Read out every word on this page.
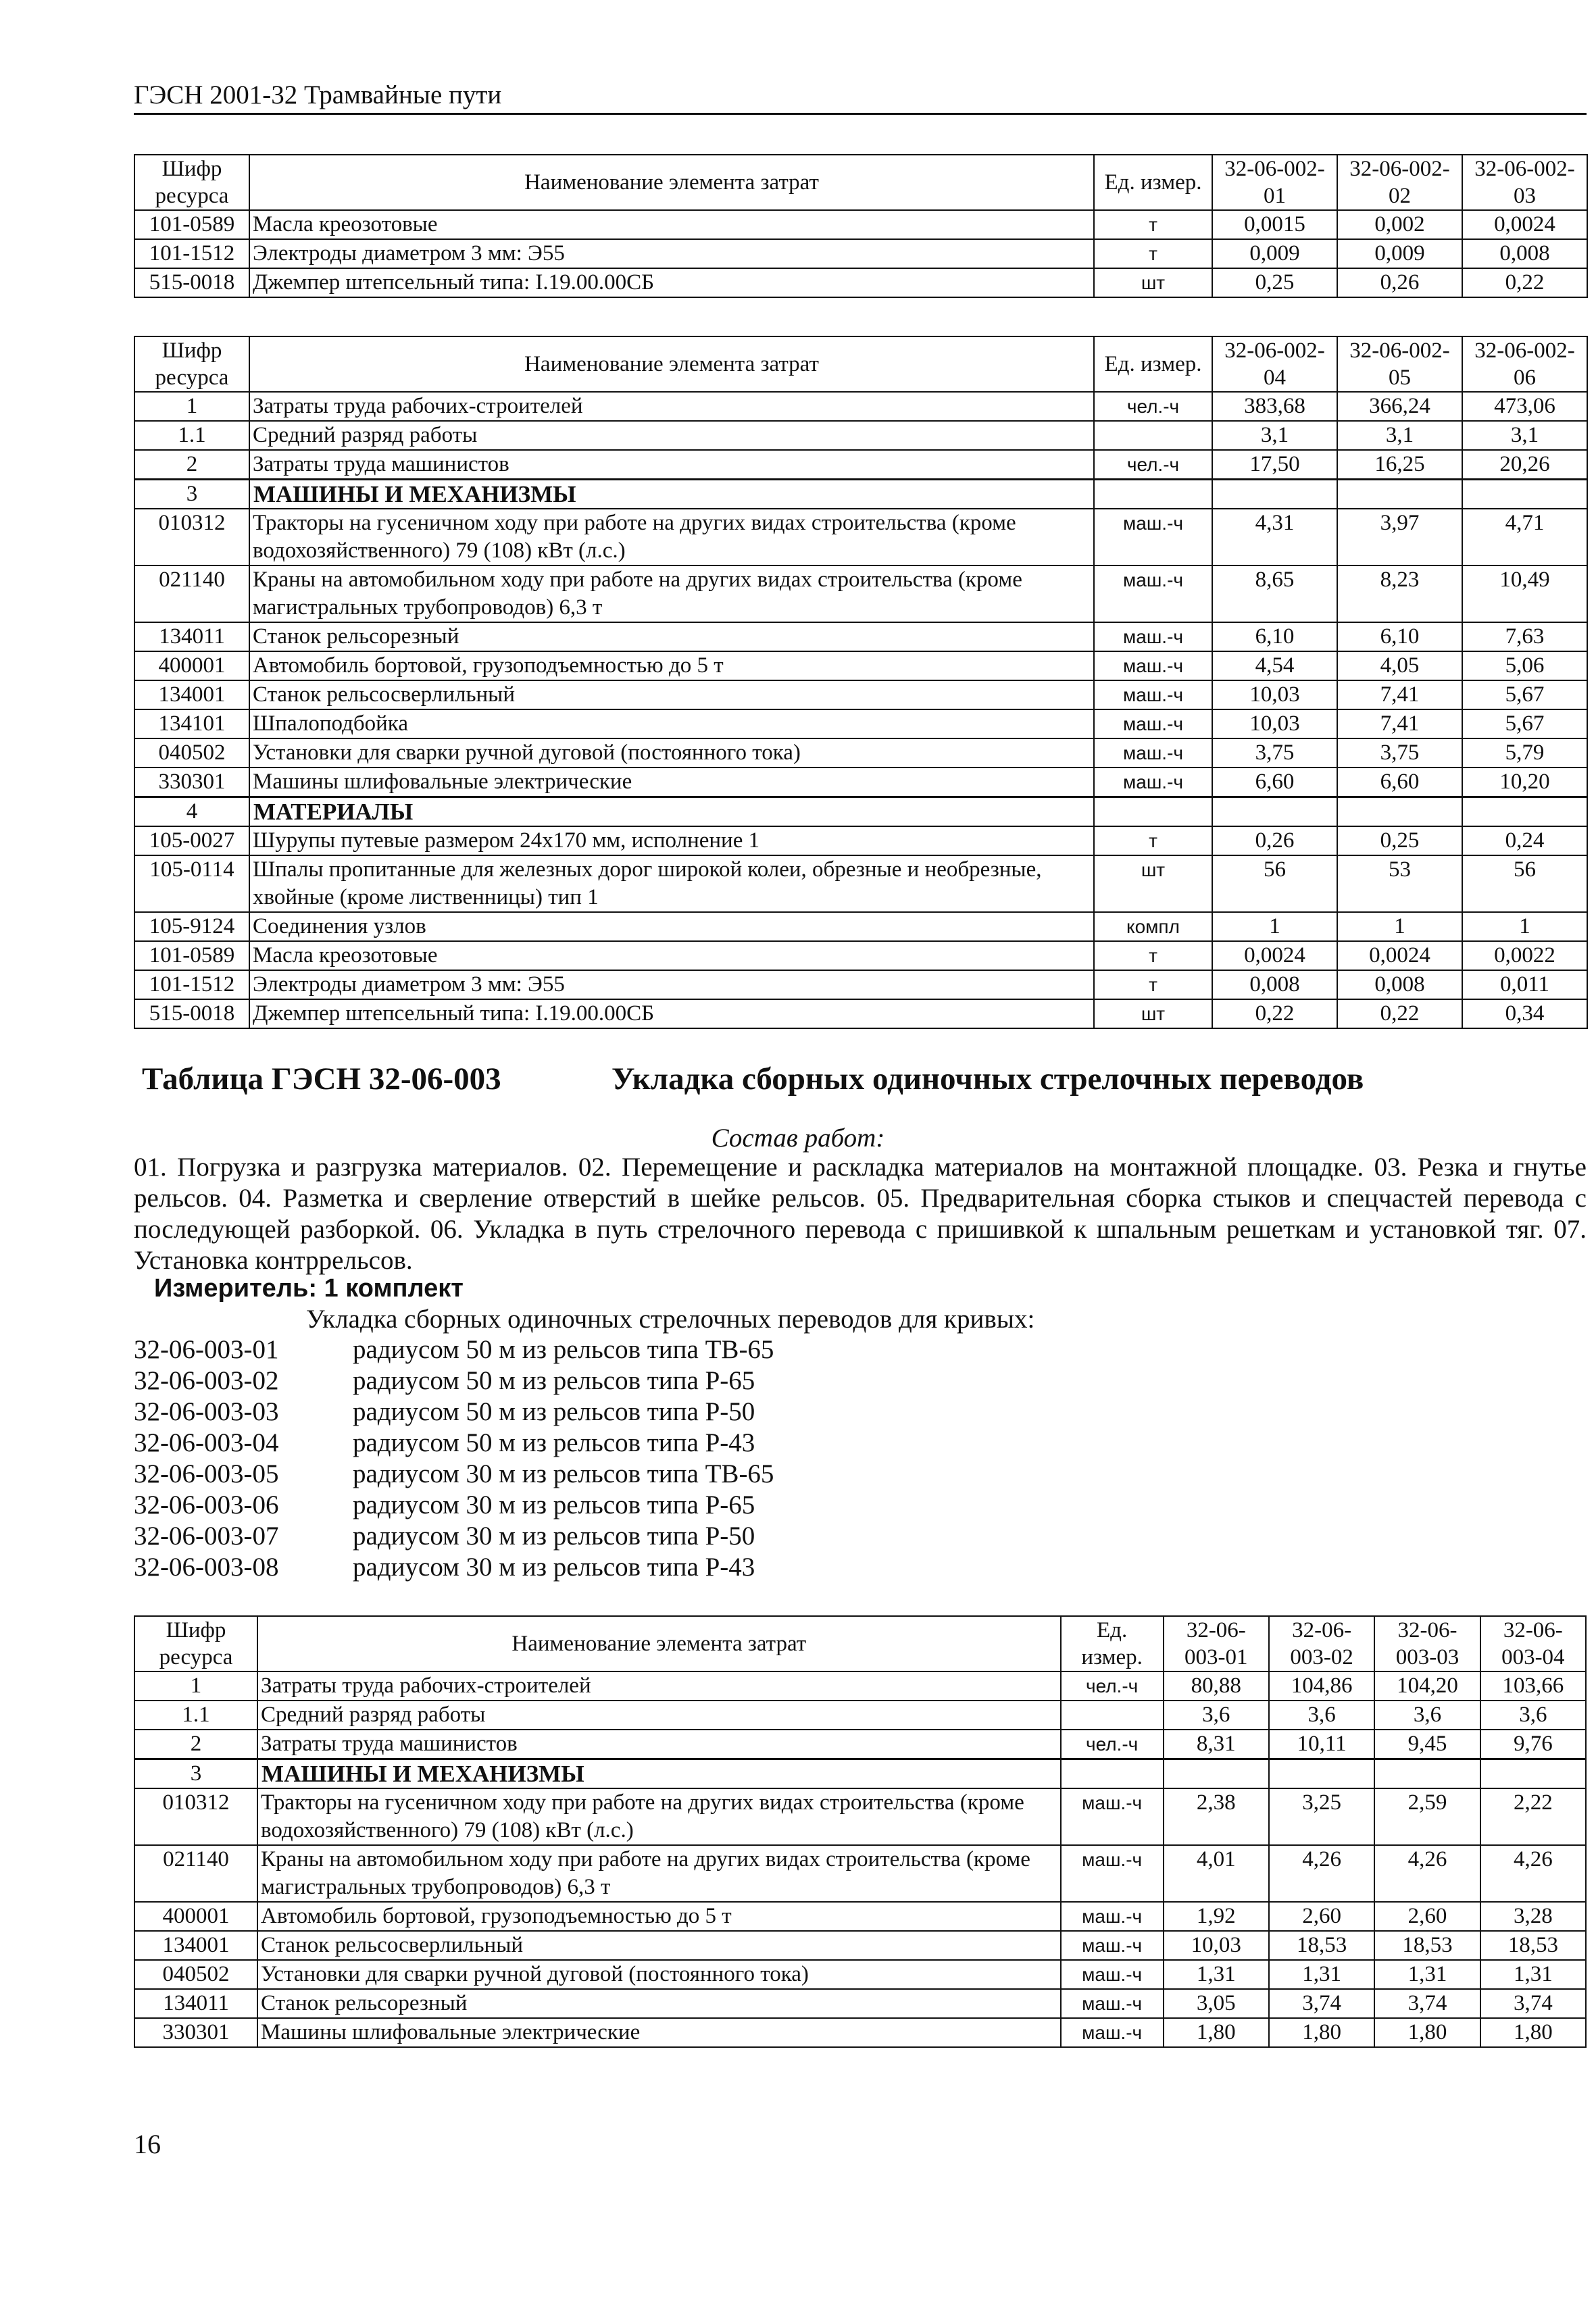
ГЭСН 2001-32 Трамвайные пути
Шифр ресурса	Наименование элемента затрат	Ед. измер.	32-06-002-01	32-06-002-02	32-06-002-03
101-0589	Масла креозотовые	т	0,0015	0,002	0,0024
101-1512	Электроды диаметром 3 мм: Э55	т	0,009	0,009	0,008
515-0018	Джемпер штепсельный типа: I.19.00.00СБ	шт	0,25	0,26	0,22
Шифр ресурса	Наименование элемента затрат	Ед. измер.	32-06-002-04	32-06-002-05	32-06-002-06
1	Затраты труда рабочих-строителей	чел.-ч	383,68	366,24	473,06
1.1	Средний разряд работы		3,1	3,1	3,1
2	Затраты труда машинистов	чел.-ч	17,50	16,25	20,26
3	МАШИНЫ И МЕХАНИЗМЫ				
010312	Тракторы на гусеничном ходу при работе на других видах строительства (кроме водохозяйственного) 79 (108) кВт (л.с.)	маш.-ч	4,31	3,97	4,71
021140	Краны на автомобильном ходу при работе на других видах строительства (кроме магистральных трубопроводов) 6,3 т	маш.-ч	8,65	8,23	10,49
134011	Станок рельсорезный	маш.-ч	6,10	6,10	7,63
400001	Автомобиль бортовой, грузоподъемностью до 5 т	маш.-ч	4,54	4,05	5,06
134001	Станок рельсосверлильный	маш.-ч	10,03	7,41	5,67
134101	Шпалоподбойка	маш.-ч	10,03	7,41	5,67
040502	Установки для сварки ручной дуговой (постоянного тока)	маш.-ч	3,75	3,75	5,79
330301	Машины шлифовальные электрические	маш.-ч	6,60	6,60	10,20
4	МАТЕРИАЛЫ				
105-0027	Шурупы путевые размером 24х170 мм, исполнение 1	т	0,26	0,25	0,24
105-0114	Шпалы пропитанные для железных дорог широкой колеи, обрезные и необрезные, хвойные (кроме лиственницы) тип 1	шт	56	53	56
105-9124	Соединения узлов	компл	1	1	1
101-0589	Масла креозотовые	т	0,0024	0,0024	0,0022
101-1512	Электроды диаметром 3 мм: Э55	т	0,008	0,008	0,011
515-0018	Джемпер штепсельный типа: I.19.00.00СБ	шт	0,22	0,22	0,34
Таблица ГЭСН 32-06-003	Укладка сборных одиночных стрелочных переводов
Состав работ:
01. Погрузка и разгрузка материалов. 02. Перемещение и раскладка материалов на монтажной площадке. 03. Резка и гнутье рельсов. 04. Разметка и сверление отверстий в шейке рельсов. 05. Предварительная сборка стыков и спецчастей перевода с последующей разборкой. 06. Укладка в путь стрелочного перевода с пришивкой к шпальным решеткам и установкой тяг. 07. Установка контррельсов.
Измеритель: 1 комплект
Укладка сборных одиночных стрелочных переводов для кривых:
32-06-003-01	радиусом 50 м из рельсов типа ТВ-65
32-06-003-02	радиусом 50 м из рельсов типа Р-65
32-06-003-03	радиусом 50 м из рельсов типа Р-50
32-06-003-04	радиусом 50 м из рельсов типа Р-43
32-06-003-05	радиусом 30 м из рельсов типа ТВ-65
32-06-003-06	радиусом 30 м из рельсов типа Р-65
32-06-003-07	радиусом 30 м из рельсов типа Р-50
32-06-003-08	радиусом 30 м из рельсов типа Р-43
Шифр ресурса	Наименование элемента затрат	Ед. измер.	32-06-003-01	32-06-003-02	32-06-003-03	32-06-003-04
1	Затраты труда рабочих-строителей	чел.-ч	80,88	104,86	104,20	103,66
1.1	Средний разряд работы		3,6	3,6	3,6	3,6
2	Затраты труда машинистов	чел.-ч	8,31	10,11	9,45	9,76
3	МАШИНЫ И МЕХАНИЗМЫ					
010312	Тракторы на гусеничном ходу при работе на других видах строительства (кроме водохозяйственного) 79 (108) кВт (л.с.)	маш.-ч	2,38	3,25	2,59	2,22
021140	Краны на автомобильном ходу при работе на других видах строительства (кроме магистральных трубопроводов) 6,3 т	маш.-ч	4,01	4,26	4,26	4,26
400001	Автомобиль бортовой, грузоподъемностью до 5 т	маш.-ч	1,92	2,60	2,60	3,28
134001	Станок рельсосверлильный	маш.-ч	10,03	18,53	18,53	18,53
040502	Установки для сварки ручной дуговой (постоянного тока)	маш.-ч	1,31	1,31	1,31	1,31
134011	Станок рельсорезный	маш.-ч	3,05	3,74	3,74	3,74
330301	Машины шлифовальные электрические	маш.-ч	1,80	1,80	1,80	1,80
16
